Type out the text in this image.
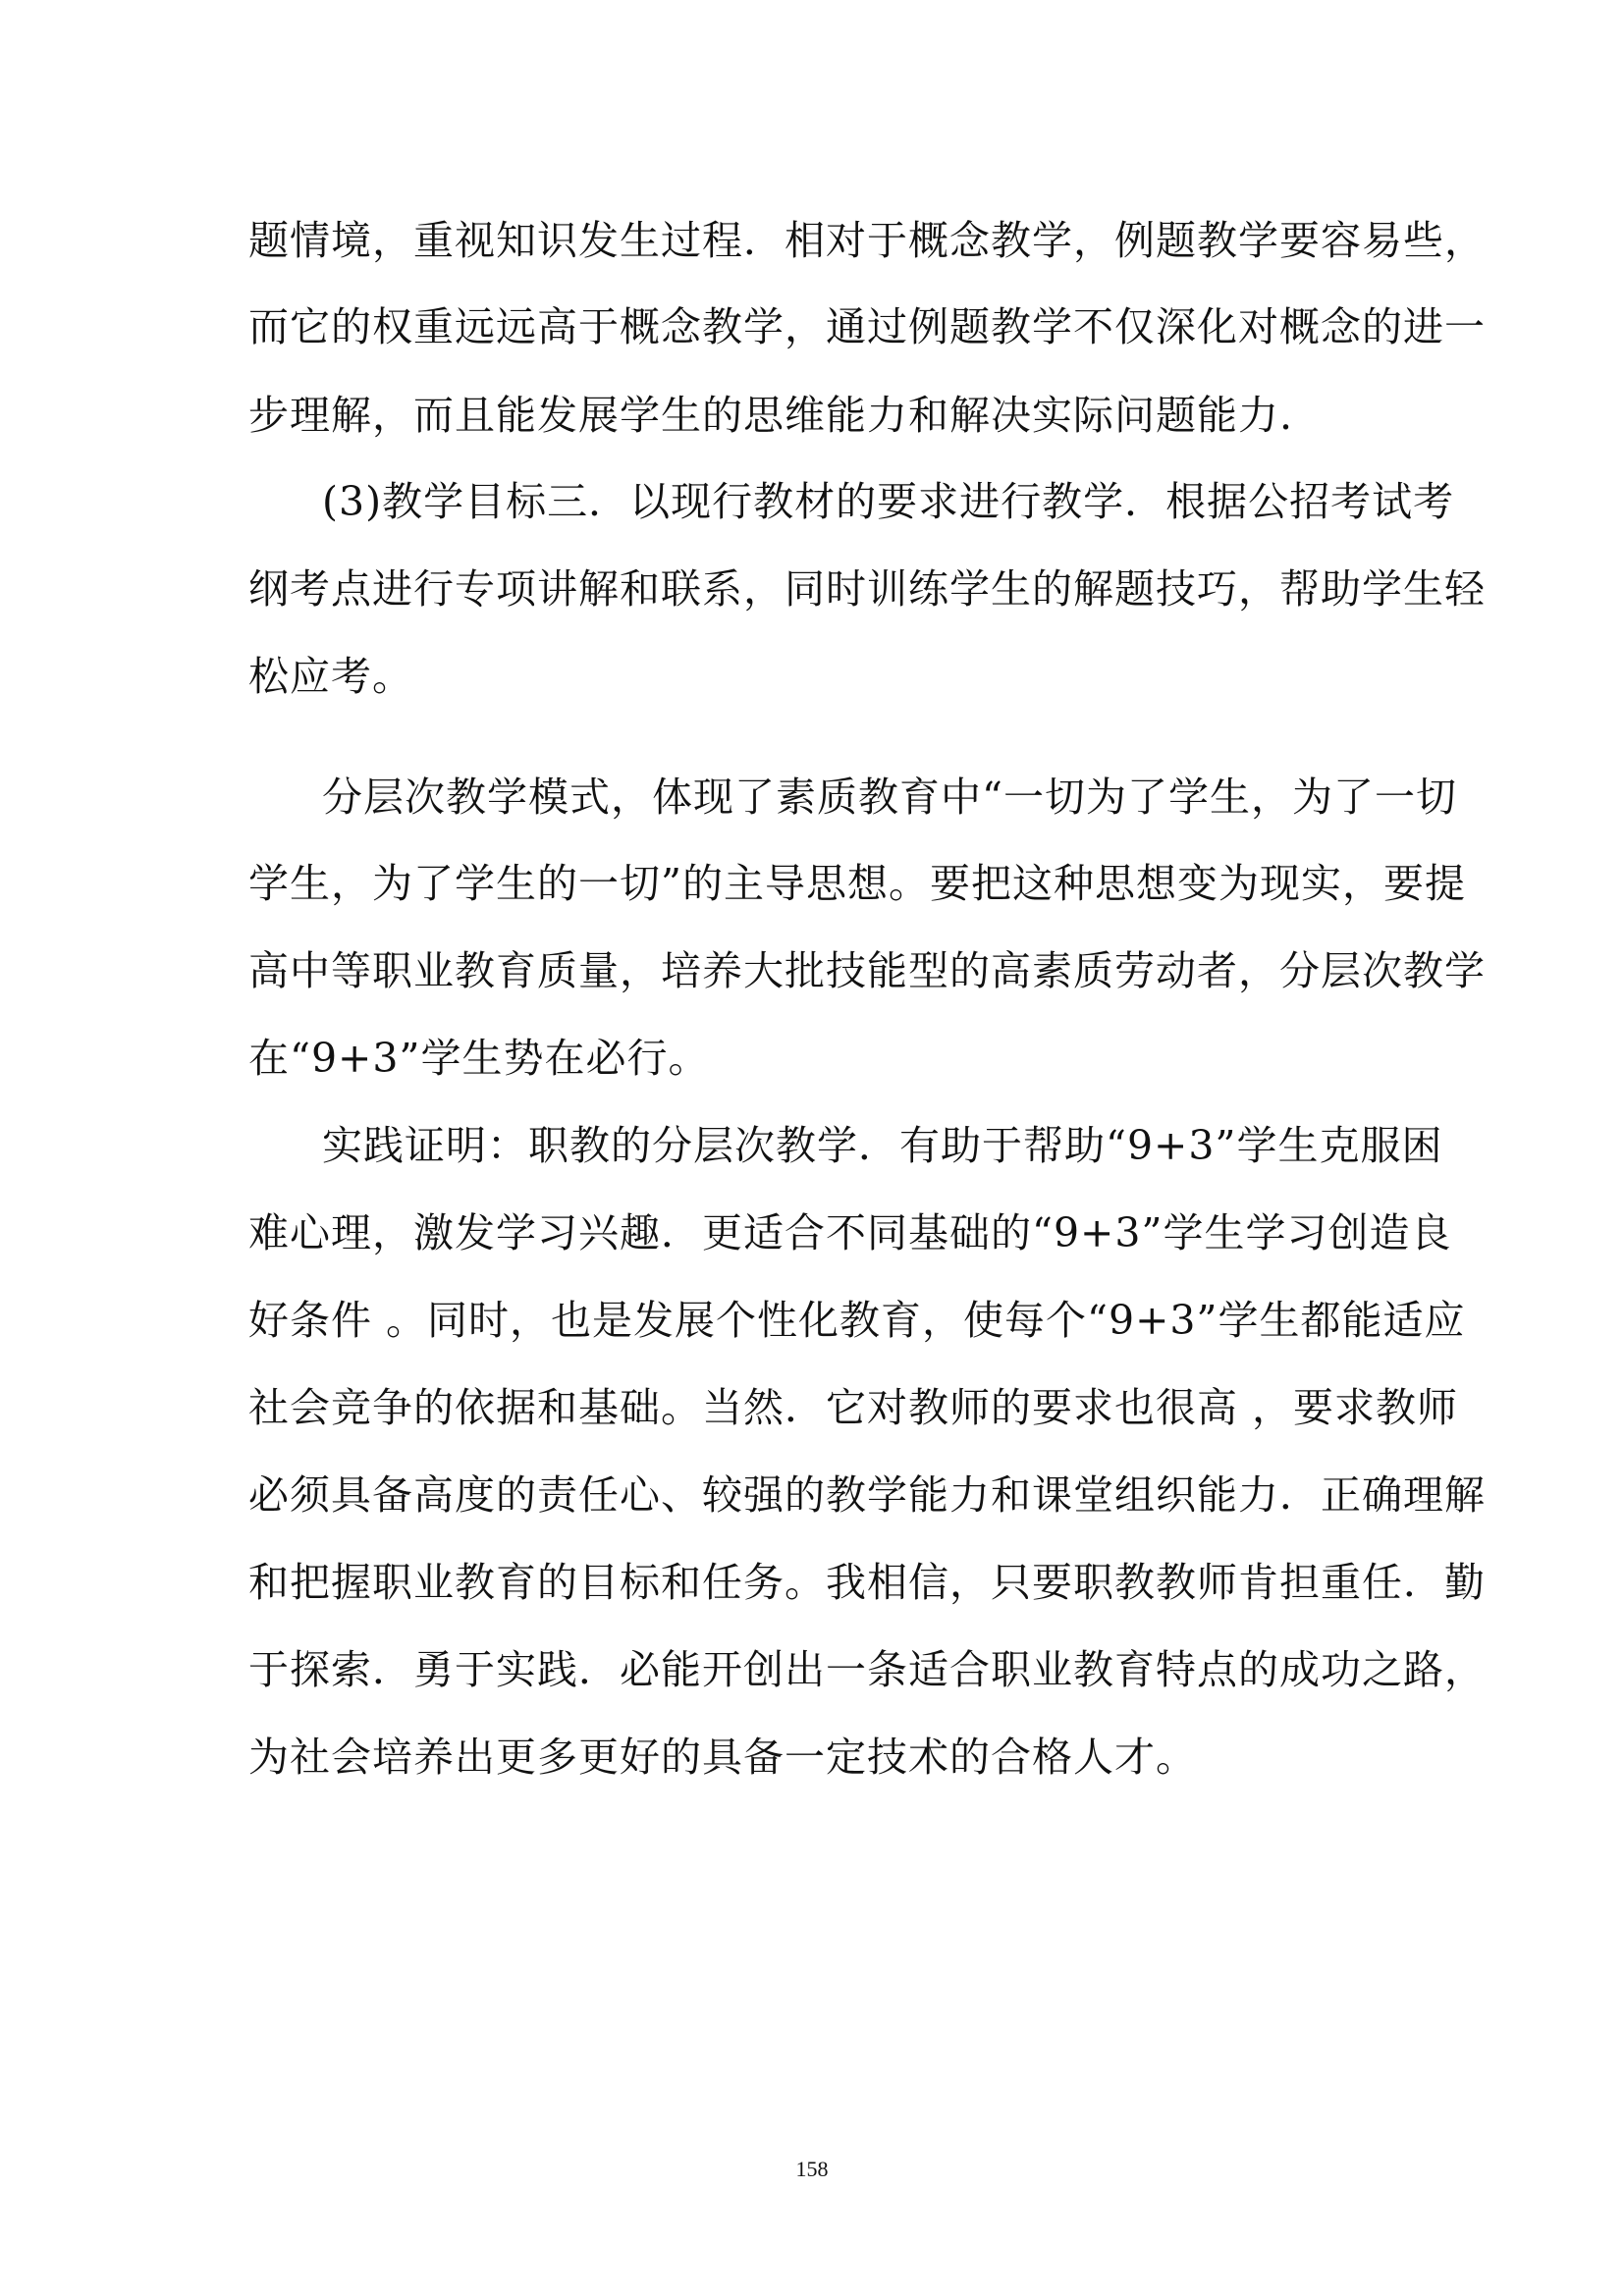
题情境，重视知识发生过程．相对于概念教学，例题教学要容易些，
而它的权重远远高于概念教学，通过例题教学不仅深化对概念的进一
步理解，而且能发展学生的思维能力和解决实际问题能力.
(3)教学目标三．以现行教材的要求进行教学．根据公招考试考
纲考点进行专项讲解和联系，同时训练学生的解题技巧，帮助学生轻
松应考。
分层次教学模式，体现了素质教育中“一切为了学生，为了一切
学生，为了学生的一切”的主导思想。要把这种思想变为现实，要提
高中等职业教育质量，培养大批技能型的高素质劳动者，分层次教学
在“9+3”学生势在必行。
实践证明：职教的分层次教学．有助于帮助“9+3”学生克服困
难心理，激发学习兴趣．更适合不同基础的“9+3”学生学习创造良
好条件 。同时，也是发展个性化教育，使每个“9+3”学生都能适应
社会竞争的依据和基础。当然．它对教师的要求也很高 ，要求教师
必须具备高度的责任心、较强的教学能力和课堂组织能力．正确理解
和把握职业教育的目标和任务。我相信，只要职教教师肯担重任．勤
于探索．勇于实践．必能开创出一条适合职业教育特点的成功之路，
为社会培养出更多更好的具备一定技术的合格人才。
158
